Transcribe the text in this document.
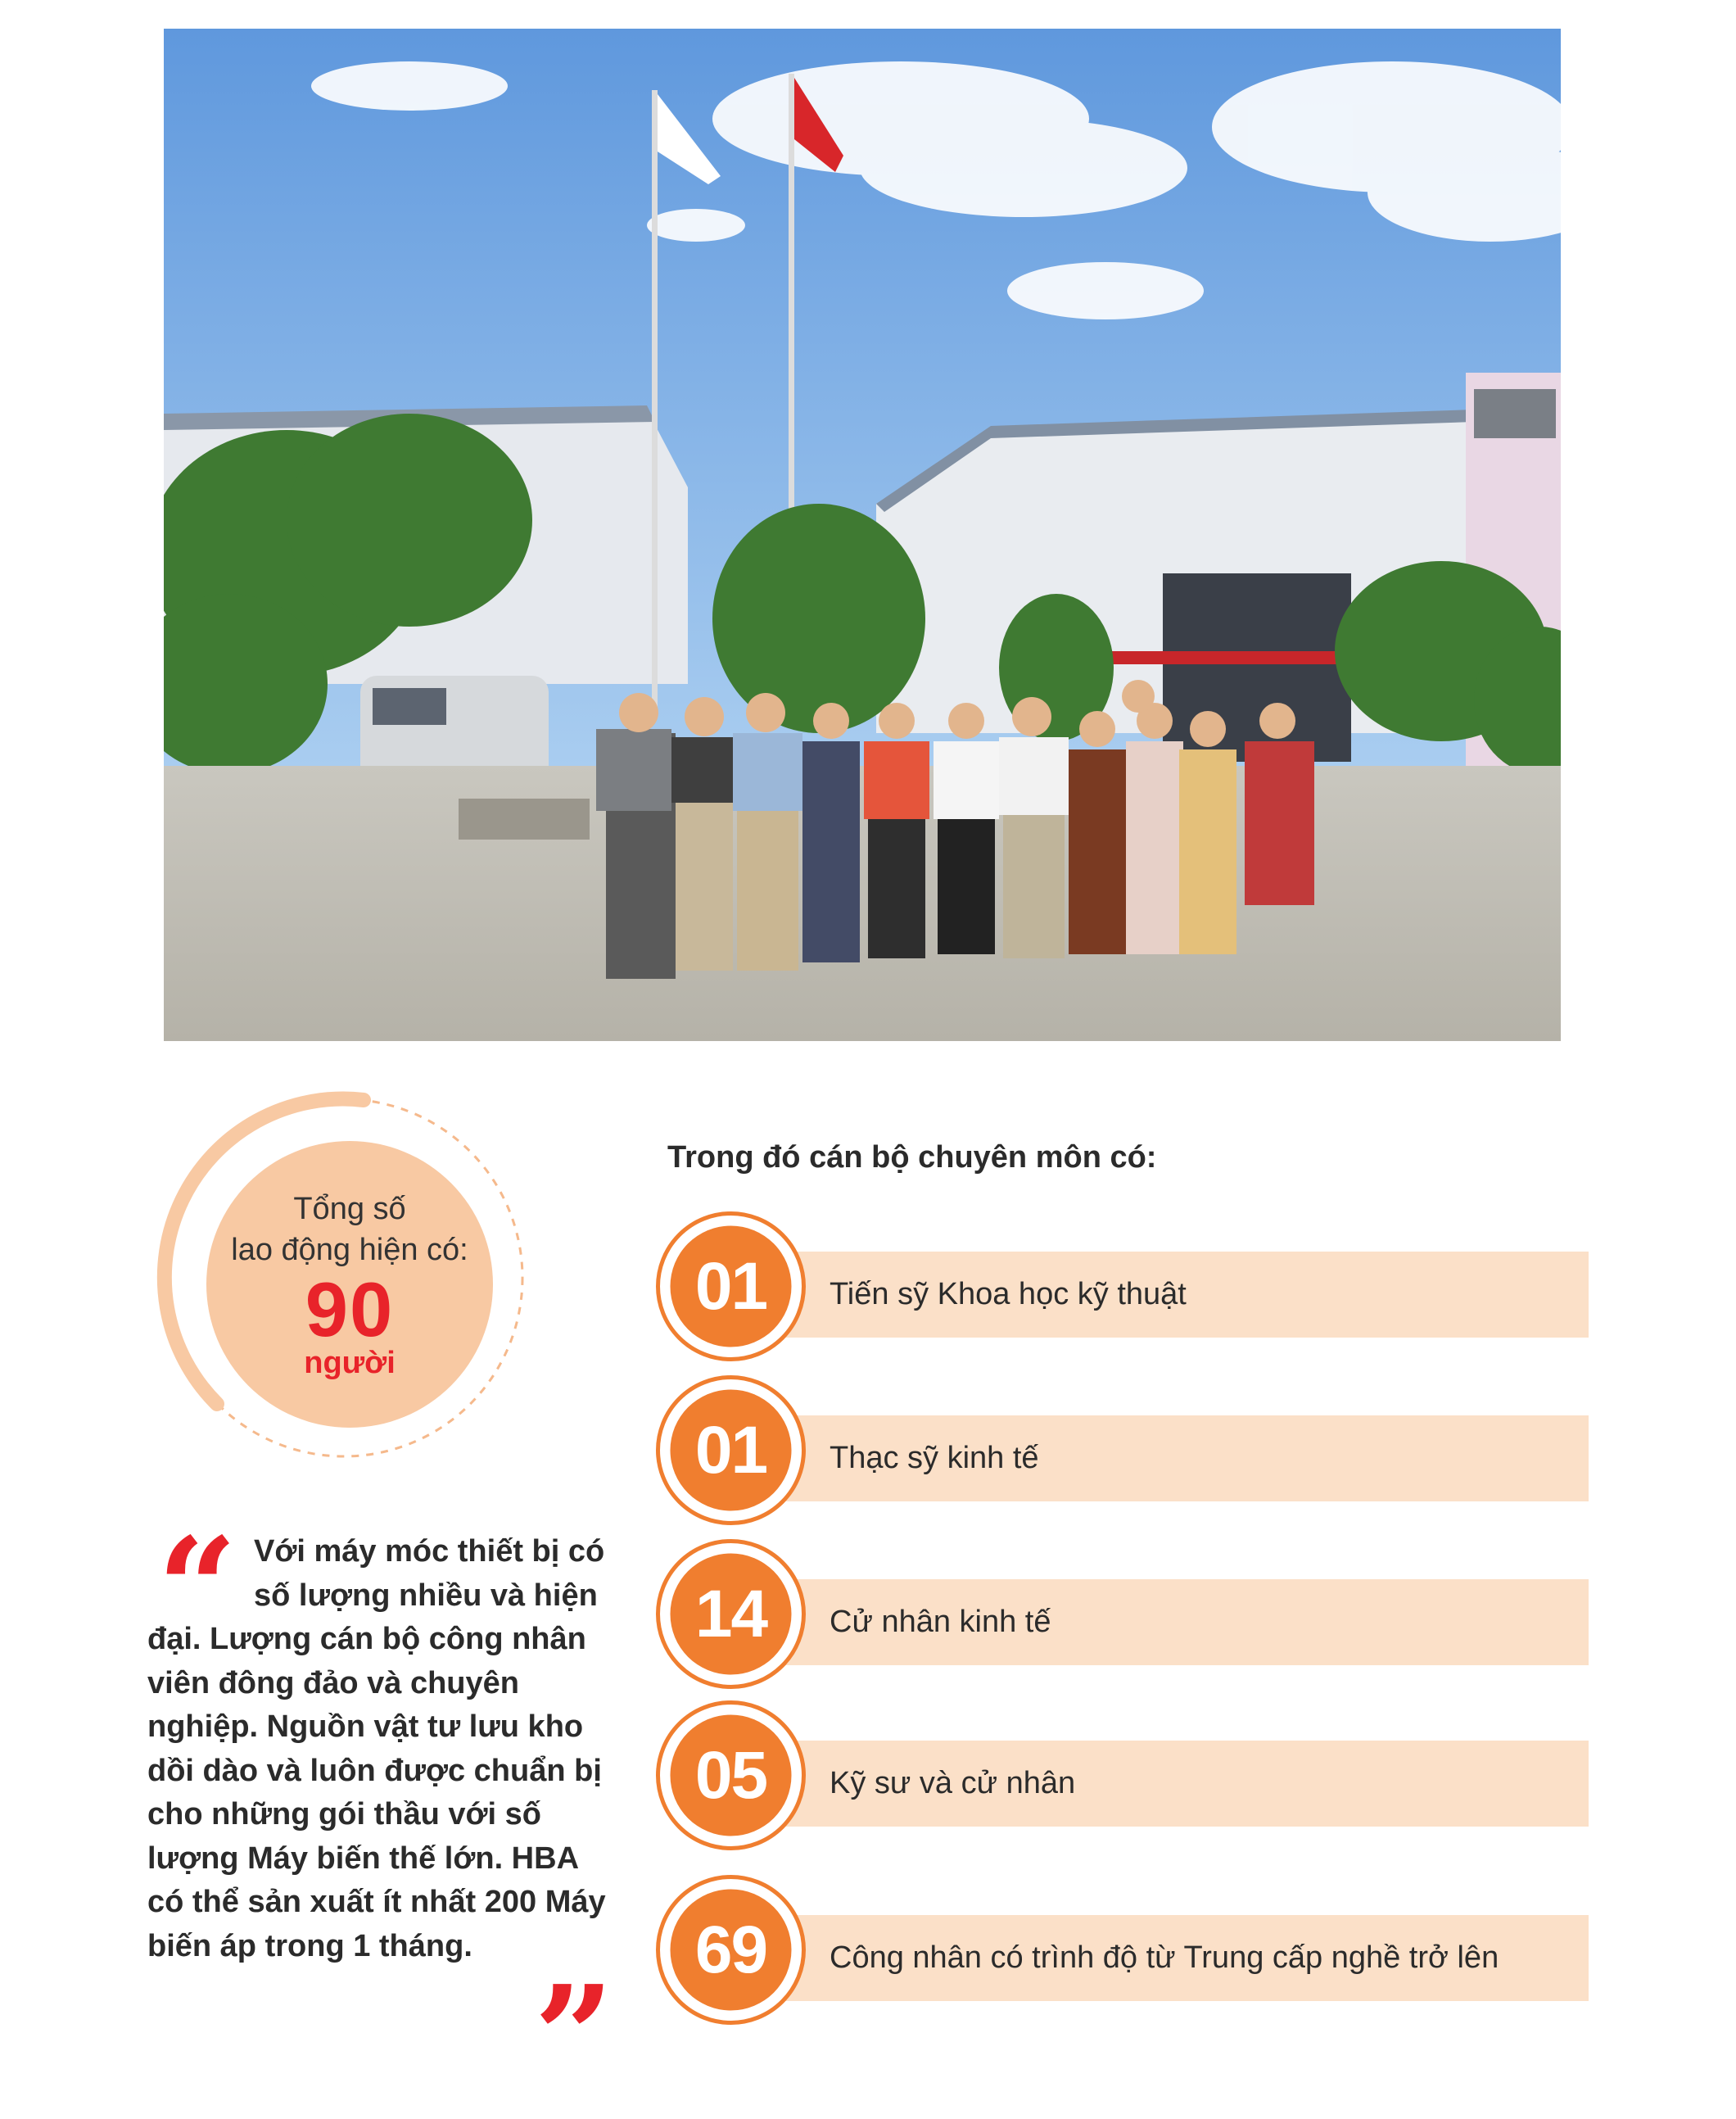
Tổng số
lao động hiện có:
90
người
“ Với máy móc thiết bị có số lượng nhiều và hiện đại. Lượng cán bộ công nhân viên đông đảo và chuyên nghiệp. Nguồn vật tư lưu kho dồi dào và luôn được chuẩn bị cho những gói thầu với số lượng Máy biến thế lớn. HBA có thể sản xuất ít nhất 200 Máy biến áp trong 1 tháng.
”
Trong đó cán bộ chuyên môn có:
01	Tiến sỹ Khoa học kỹ thuật
01	Thạc sỹ kinh tế
14	Cử nhân kinh tế
05	Kỹ sư và cử nhân
69	Công nhân có trình độ từ Trung cấp nghề trở lên
